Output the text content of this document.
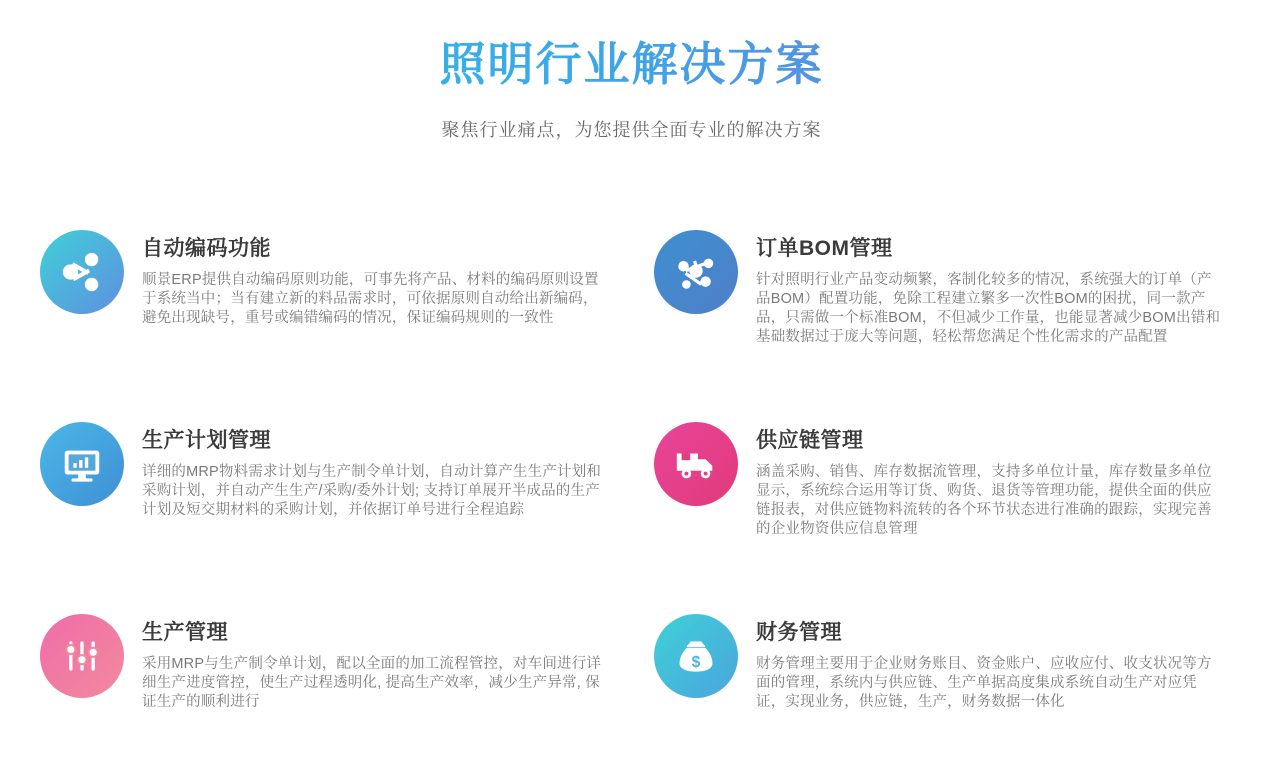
照明行业解决方案
聚焦行业痛点，为您提供全面专业的解决方案
自动编码功能
顺景ERP提供自动编码原则功能，可事先将产品、材料的编码原则设置于系统当中；当有建立新的料品需求时，可依据原则自动给出新编码，避免出现缺号，重号或编错编码的情况，保证编码规则的一致性
订单BOM管理
针对照明行业产品变动频繁，客制化较多的情况，系统强大的订单（产品BOM）配置功能，免除工程建立繁多一次性BOM的困扰，同一款产品，只需做一个标准BOM，不但减少工作量，也能显著减少BOM出错和基础数据过于庞大等问题，轻松帮您满足个性化需求的产品配置
生产计划管理
详细的MRP物料需求计划与生产制令单计划，自动计算产生生产计划和采购计划，并自动产生生产/采购/委外计划; 支持订单展开半成品的生产计划及短交期材料的采购计划，并依据订单号进行全程追踪
供应链管理
涵盖采购、销售、库存数据流管理，支持多单位计量，库存数量多单位显示，系统综合运用等订货、购货、退货等管理功能，提供全面的供应链报表，对供应链物料流转的各个环节状态进行准确的跟踪，实现完善的企业物资供应信息管理
生产管理
采用MRP与生产制令单计划，配以全面的加工流程管控，对车间进行详细生产进度管控，使生产过程透明化, 提高生产效率，减少生产异常, 保证生产的顺利进行
$
财务管理
财务管理主要用于企业财务账目、资金账户、应收应付、收支状况等方面的管理，系统内与供应链、生产单据高度集成系统自动生产对应凭证，实现业务，供应链，生产，财务数据一体化
